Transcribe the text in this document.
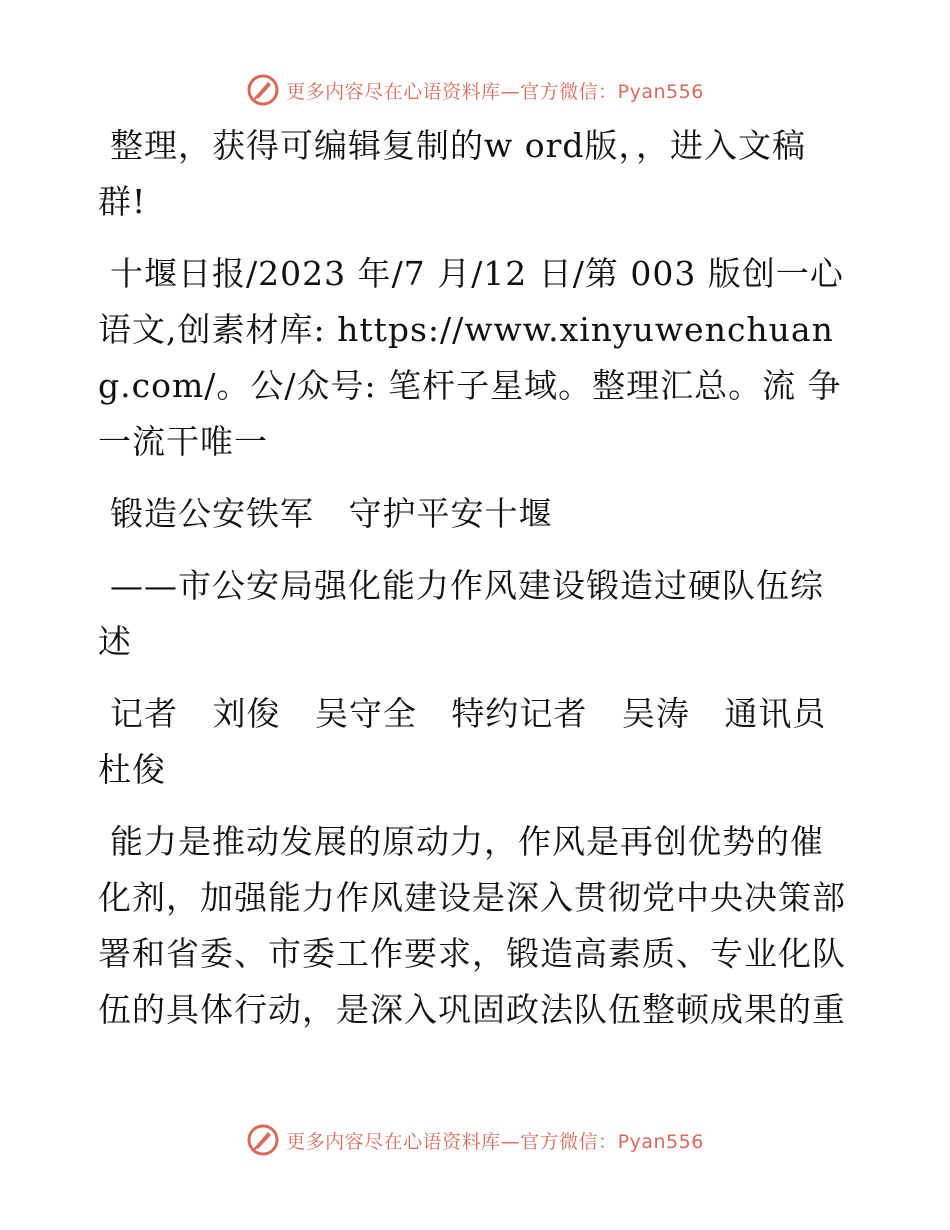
更多内容尽在心语资料库—官方微信：Pyan556

整理，获得可编辑复制的w ord版，，进入文稿群!

十堰日报/2023 年/7 月/12 日/第 003 版创一心语文,创素材库: https://www.xinyuwenchuang.com/。公/众号: 笔杆子星域。整理汇总。流 争一流干唯一

锻造公安铁军   守护平安十堰

——市公安局强化能力作风建设锻造过硬队伍综述

记者   刘俊   吴守全   特约记者   吴涛   通讯员   杜俊

能力是推动发展的原动力，作风是再创优势的催化剂，加强能力作风建设是深入贯彻党中央决策部署和省委、市委工作要求，锻造高素质、专业化队伍的具体行动，是深入巩固政法队伍整顿成果的重

更多内容尽在心语资料库—官方微信：Pyan556
